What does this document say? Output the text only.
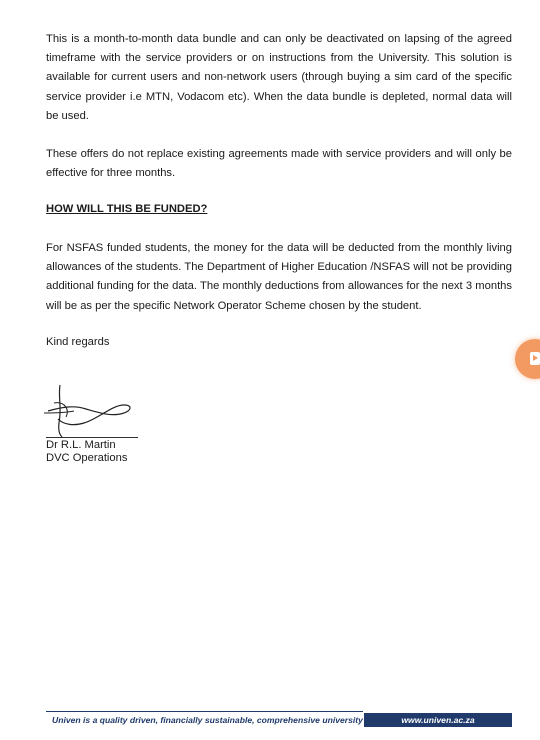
This is a month-to-month data bundle and can only be deactivated on lapsing of the agreed timeframe with the service providers or on instructions from the University. This solution is available for current users and non-network users (through buying a sim card of the specific service provider i.e MTN, Vodacom etc). When the data bundle is depleted, normal data will be used.

These offers do not replace existing agreements made with service providers and will only be effective for three months.

HOW WILL THIS BE FUNDED?

For NSFAS funded students, the money for the data will be deducted from the monthly living allowances of the students. The Department of Higher Education /NSFAS will not be providing additional funding for the data. The monthly deductions from allowances for the next 3 months will be as per the specific Network Operator Scheme chosen by the student.

Kind regards

Dr R.L. Martin

DVC Operations

Univen is a quality driven, financially sustainable, comprehensive university	www.univen.ac.za
